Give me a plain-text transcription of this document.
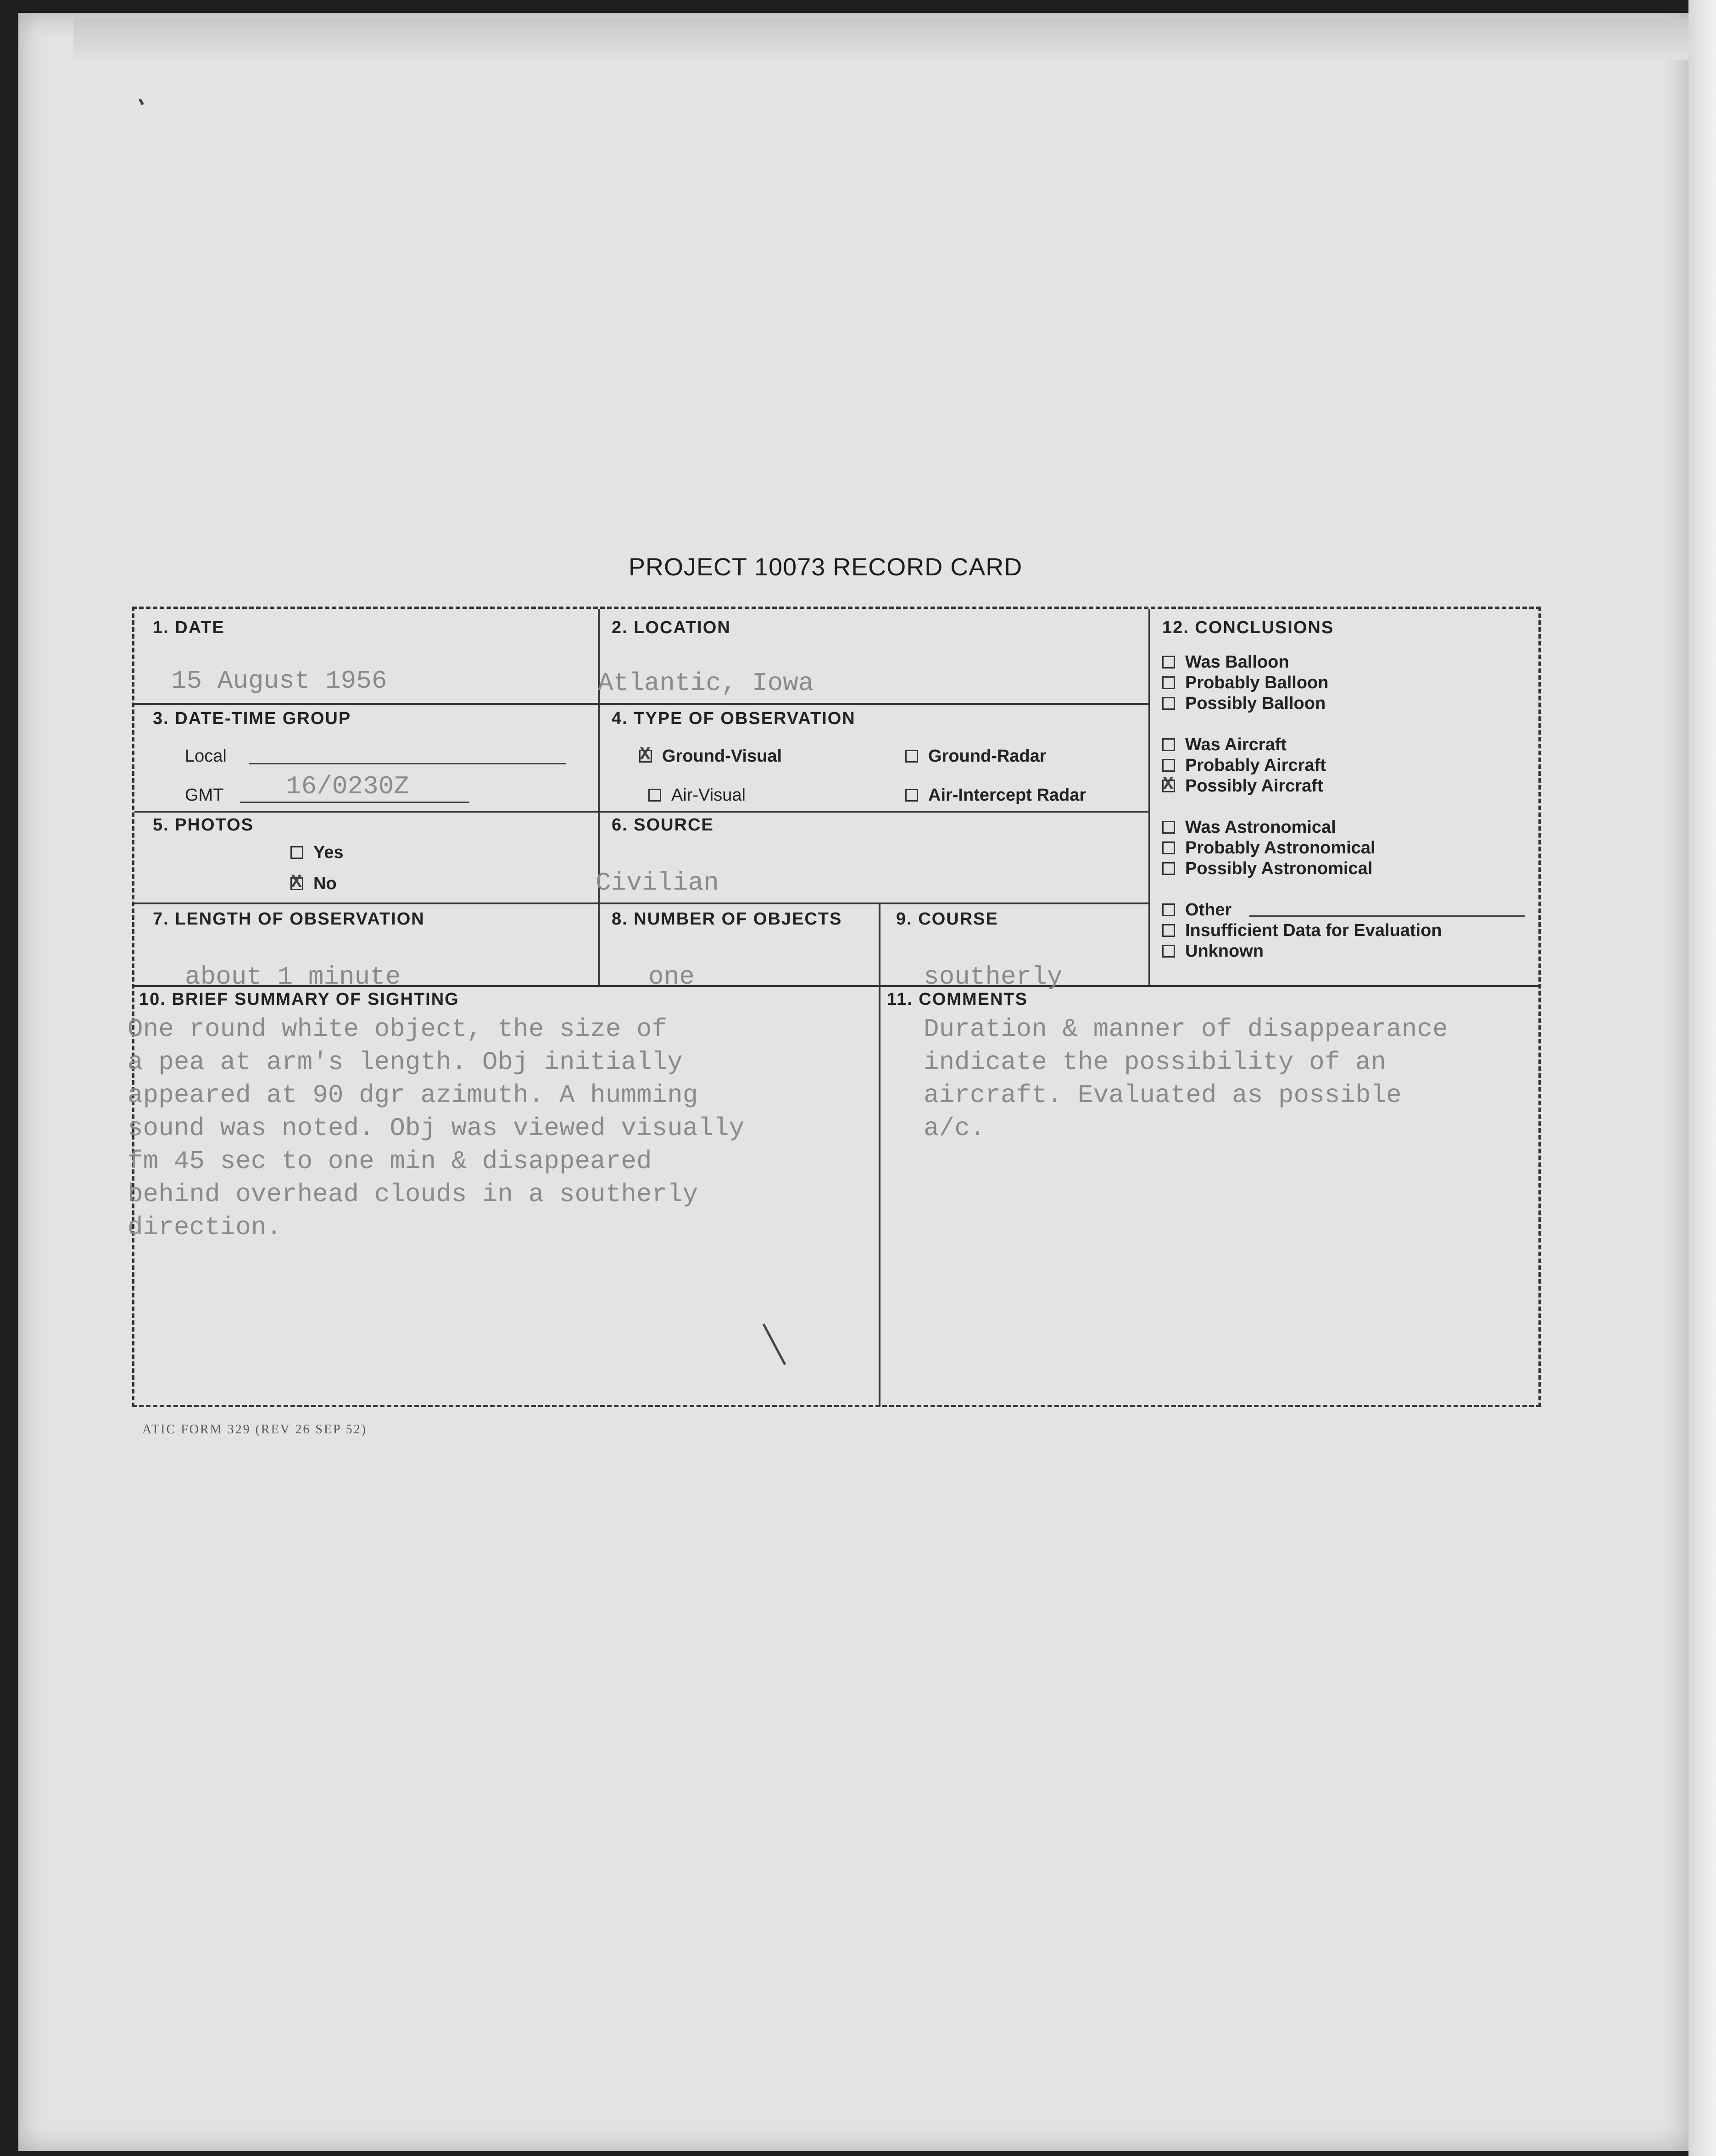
PROJECT 10073 RECORD CARD
1. DATE
15 August 1956
2. LOCATION
Atlantic, Iowa
3. DATE-TIME GROUP
Local
GMT 16/0230Z
4. TYPE OF OBSERVATION
XGround-Visual	Ground-Radar
Air-Visual	Air-Intercept Radar
5. PHOTOS
Yes
XNo
6. SOURCE
Civilian
7. LENGTH OF OBSERVATION
about 1 minute
8. NUMBER OF OBJECTS
one
9. COURSE
southerly
10. BRIEF SUMMARY OF SIGHTING
One round white object, the size of
a pea at arm's length. Obj initially
appeared at 90 dgr azimuth. A humming
sound was noted. Obj was viewed visually
fm 45 sec to one min & disappeared
behind overhead clouds in a southerly
direction.
11. COMMENTS
Duration & manner of disappearance
indicate the possibility of an
aircraft. Evaluated as possible
a/c.
12. CONCLUSIONS
Was Balloon
Probably Balloon
Possibly Balloon
Was Aircraft
Probably Aircraft
XPossibly Aircraft
Was Astronomical
Probably Astronomical
Possibly Astronomical
Other
Insufficient Data for Evaluation
Unknown
ATIC FORM 329 (REV 26 SEP 52)
